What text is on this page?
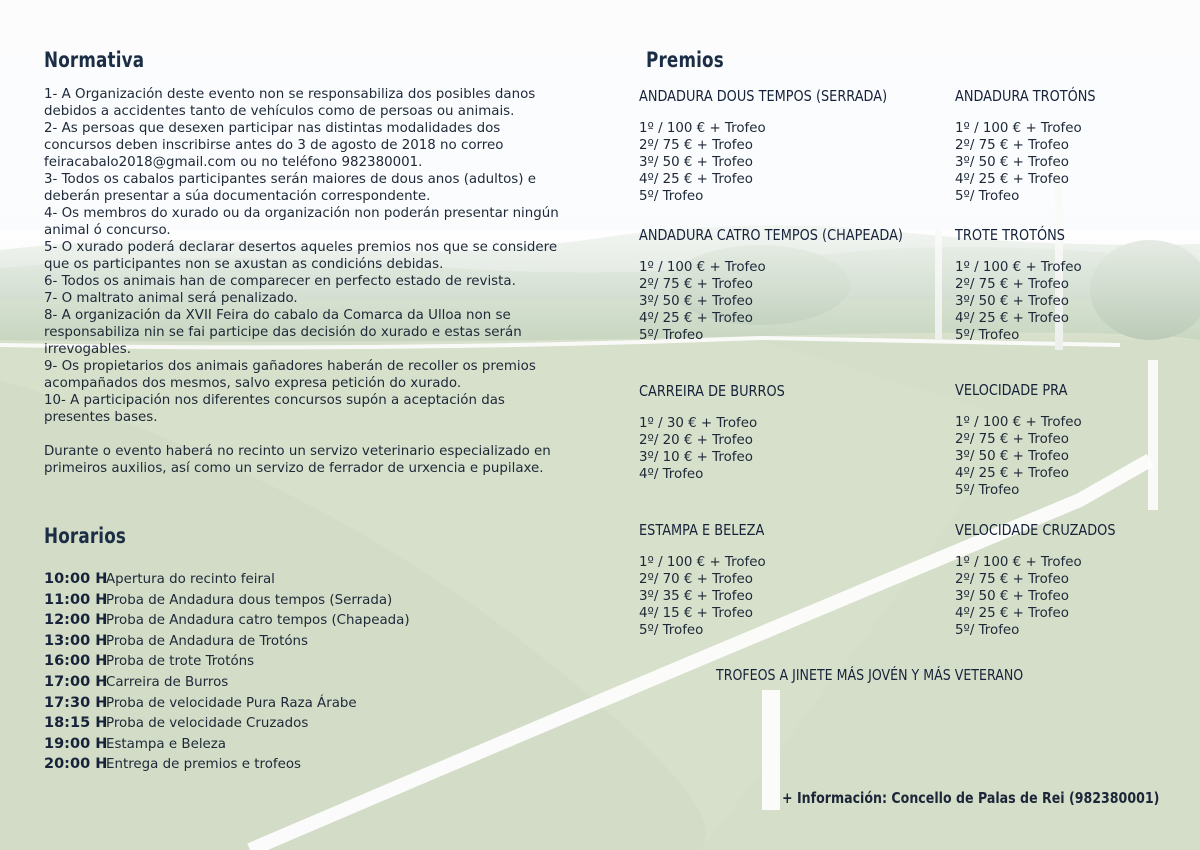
Normativa

1- A Organización deste evento non se responsabiliza dos posibles danos debidos a accidentes tanto de vehículos como de persoas ou animais.

2- As persoas que desexen participar nas distintas modalidades dos concursos deben inscribirse antes do 3 de agosto de 2018 no correo feiracabalo2018@gmail.com ou no teléfono 982380001.

3- Todos os cabalos participantes serán maiores de dous anos (adultos) e deberán presentar a súa documentación correspondente.

4- Os membros do xurado ou da organización non poderán presentar ningún animal ó concurso.

5- O xurado poderá declarar desertos aqueles premios nos que se considere que os participantes non se axustan as condicións debidas.

6- Todos os animais han de comparecer en perfecto estado de revista.

7- O maltrato animal será penalizado.

8- A organización da XVII Feira do cabalo da Comarca da Ulloa non se responsabiliza nin se fai participe das decisión do xurado e estas serán irrevogables.

9- Os propietarios dos animais gañadores haberán de recoller os premios acompañados dos mesmos, salvo expresa petición do xurado.

10- A participación nos diferentes concursos supón a aceptación das presentes bases.

Durante o evento haberá no recinto un servizo veterinario especializado en primeiros auxilios, así como un servizo de ferrador de urxencia e pupilaxe.

Horarios
10:00 HApertura do recinto feiral
11:00 HProba de Andadura dous tempos (Serrada)
12:00 HProba de Andadura catro tempos (Chapeada)
13:00 HProba de Andadura de Trotóns
16:00 HProba de trote Trotóns
17:00 HCarreira de Burros
17:30 HProba de velocidade Pura Raza Árabe
18:15 HProba de velocidade Cruzados
19:00 HEstampa e Beleza
20:00 HEntrega de premios e trofeos
Premios
ANDADURA DOUS TEMPOS (SERRADA)
1º / 100 € + Trofeo
2º/ 75 € + Trofeo
3º/ 50 € + Trofeo
4º/ 25 € + Trofeo
5º/ Trofeo
ANDADURA TROTÓNS
1º / 100 € + Trofeo
2º/ 75 € + Trofeo
3º/ 50 € + Trofeo
4º/ 25 € + Trofeo
5º/ Trofeo
ANDADURA CATRO TEMPOS (CHAPEADA)
1º / 100 € + Trofeo
2º/ 75 € + Trofeo
3º/ 50 € + Trofeo
4º/ 25 € + Trofeo
5º/ Trofeo
TROTE TROTÓNS
1º / 100 € + Trofeo
2º/ 75 € + Trofeo
3º/ 50 € + Trofeo
4º/ 25 € + Trofeo
5º/ Trofeo
CARREIRA DE BURROS
1º / 30 € + Trofeo
2º/ 20 € + Trofeo
3º/ 10 € + Trofeo
4º/ Trofeo
VELOCIDADE PRA
1º / 100 € + Trofeo
2º/ 75 € + Trofeo
3º/ 50 € + Trofeo
4º/ 25 € + Trofeo
5º/ Trofeo
ESTAMPA E BELEZA
1º / 100 € + Trofeo
2º/ 70 € + Trofeo
3º/ 35 € + Trofeo
4º/ 15 € + Trofeo
5º/ Trofeo
VELOCIDADE CRUZADOS
1º / 100 € + Trofeo
2º/ 75 € + Trofeo
3º/ 50 € + Trofeo
4º/ 25 € + Trofeo
5º/ Trofeo
TROFEOS A JINETE MÁS JOVÉN Y MÁS VETERANO
+ Información: Concello de Palas de Rei (982380001)
